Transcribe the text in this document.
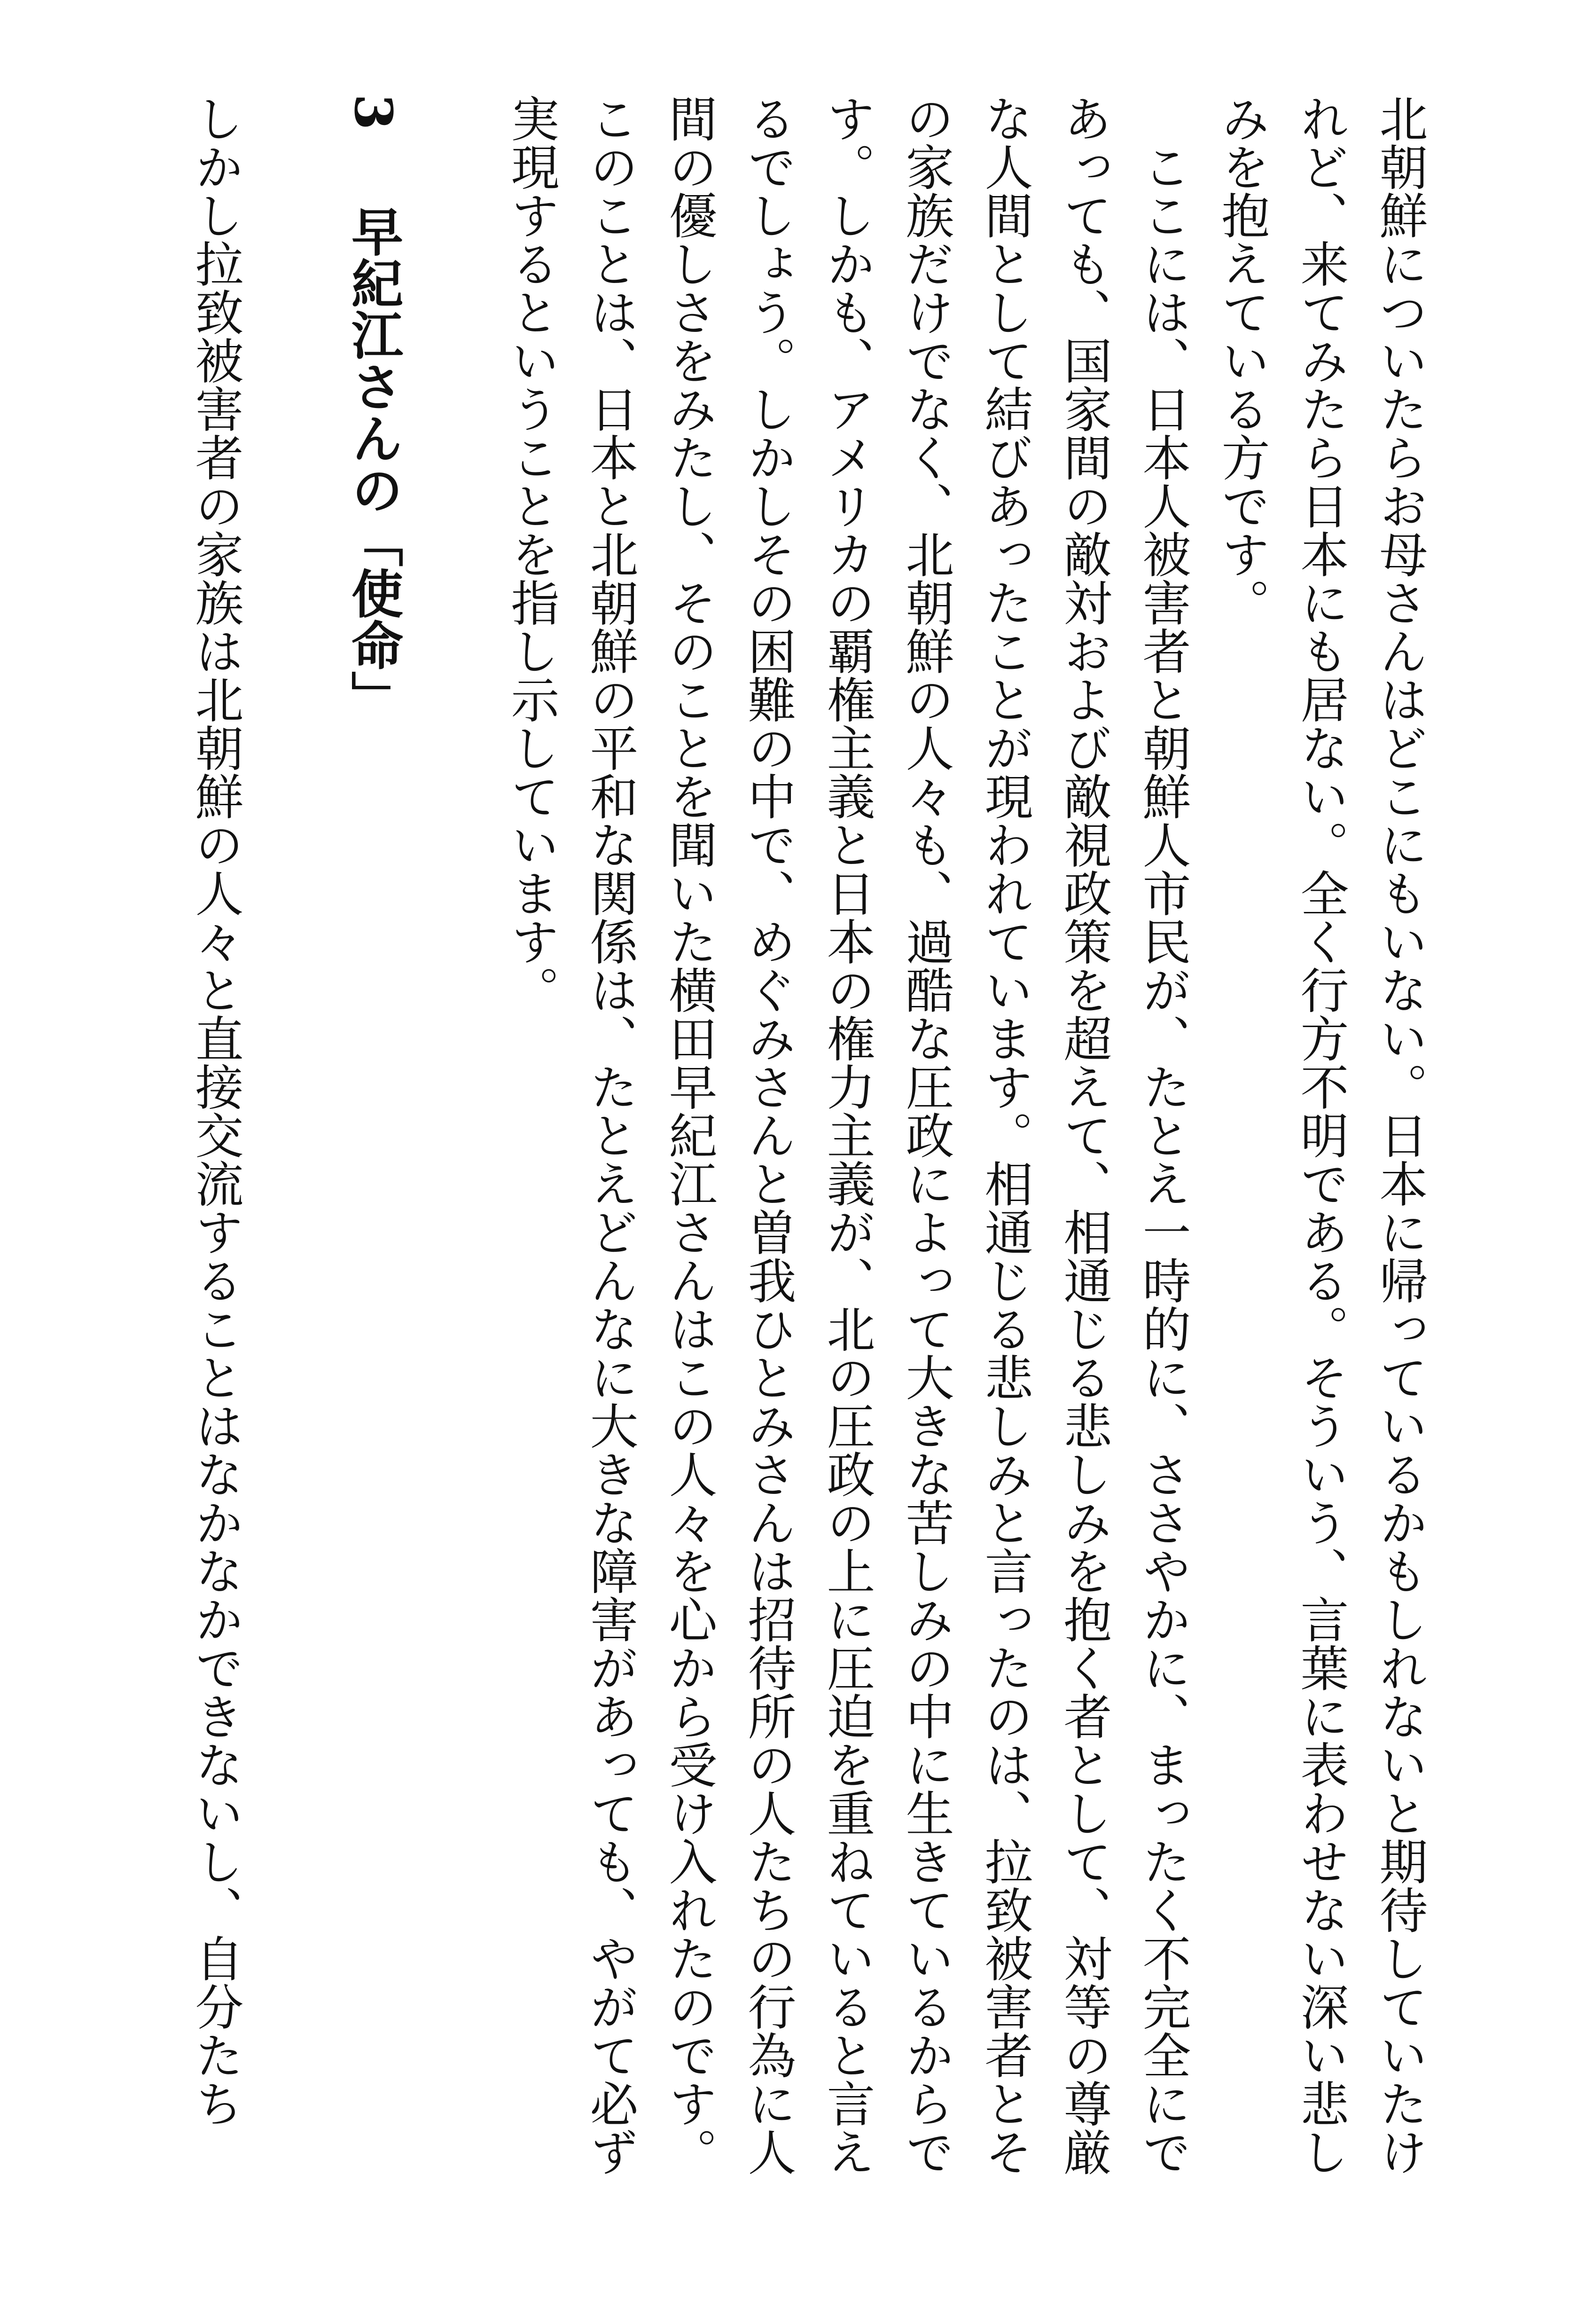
北朝鮮についたらお母さんはどこにもいない。日本に帰っているかもしれないと期待していたけれど、来てみたら日本にも居ない。全く行方不明である。そういう、言葉に表わせない深い悲しみを抱えている方です。

ここには、日本人被害者と朝鮮人市民が、たとえ一時的に、ささやかに、まったく不完全にであっても、国家間の敵対および敵視政策を超えて、相通じる悲しみを抱く者として、対等の尊厳な人間として結びあったことが現われています。相通じる悲しみと言ったのは、拉致被害者とその家族だけでなく、北朝鮮の人々も、過酷な圧政によって大きな苦しみの中に生きているからです。しかも、アメリカの覇権主義と日本の権力主義が、北の圧政の上に圧迫を重ねていると言えるでしょう。しかしその困難の中で、めぐみさんと曽我ひとみさんは招待所の人たちの行為に人間の優しさをみたし、そのことを聞いた横田早紀江さんはこの人々を心から受け入れたのです。このことは、日本と北朝鮮の平和な関係は、たとえどんなに大きな障害があっても、やがて必ず実現するということを指し示しています。

3早紀江さんの「使命」

しかし拉致被害者の家族は北朝鮮の人々と直接交流することはなかなかできないし、自分たち
